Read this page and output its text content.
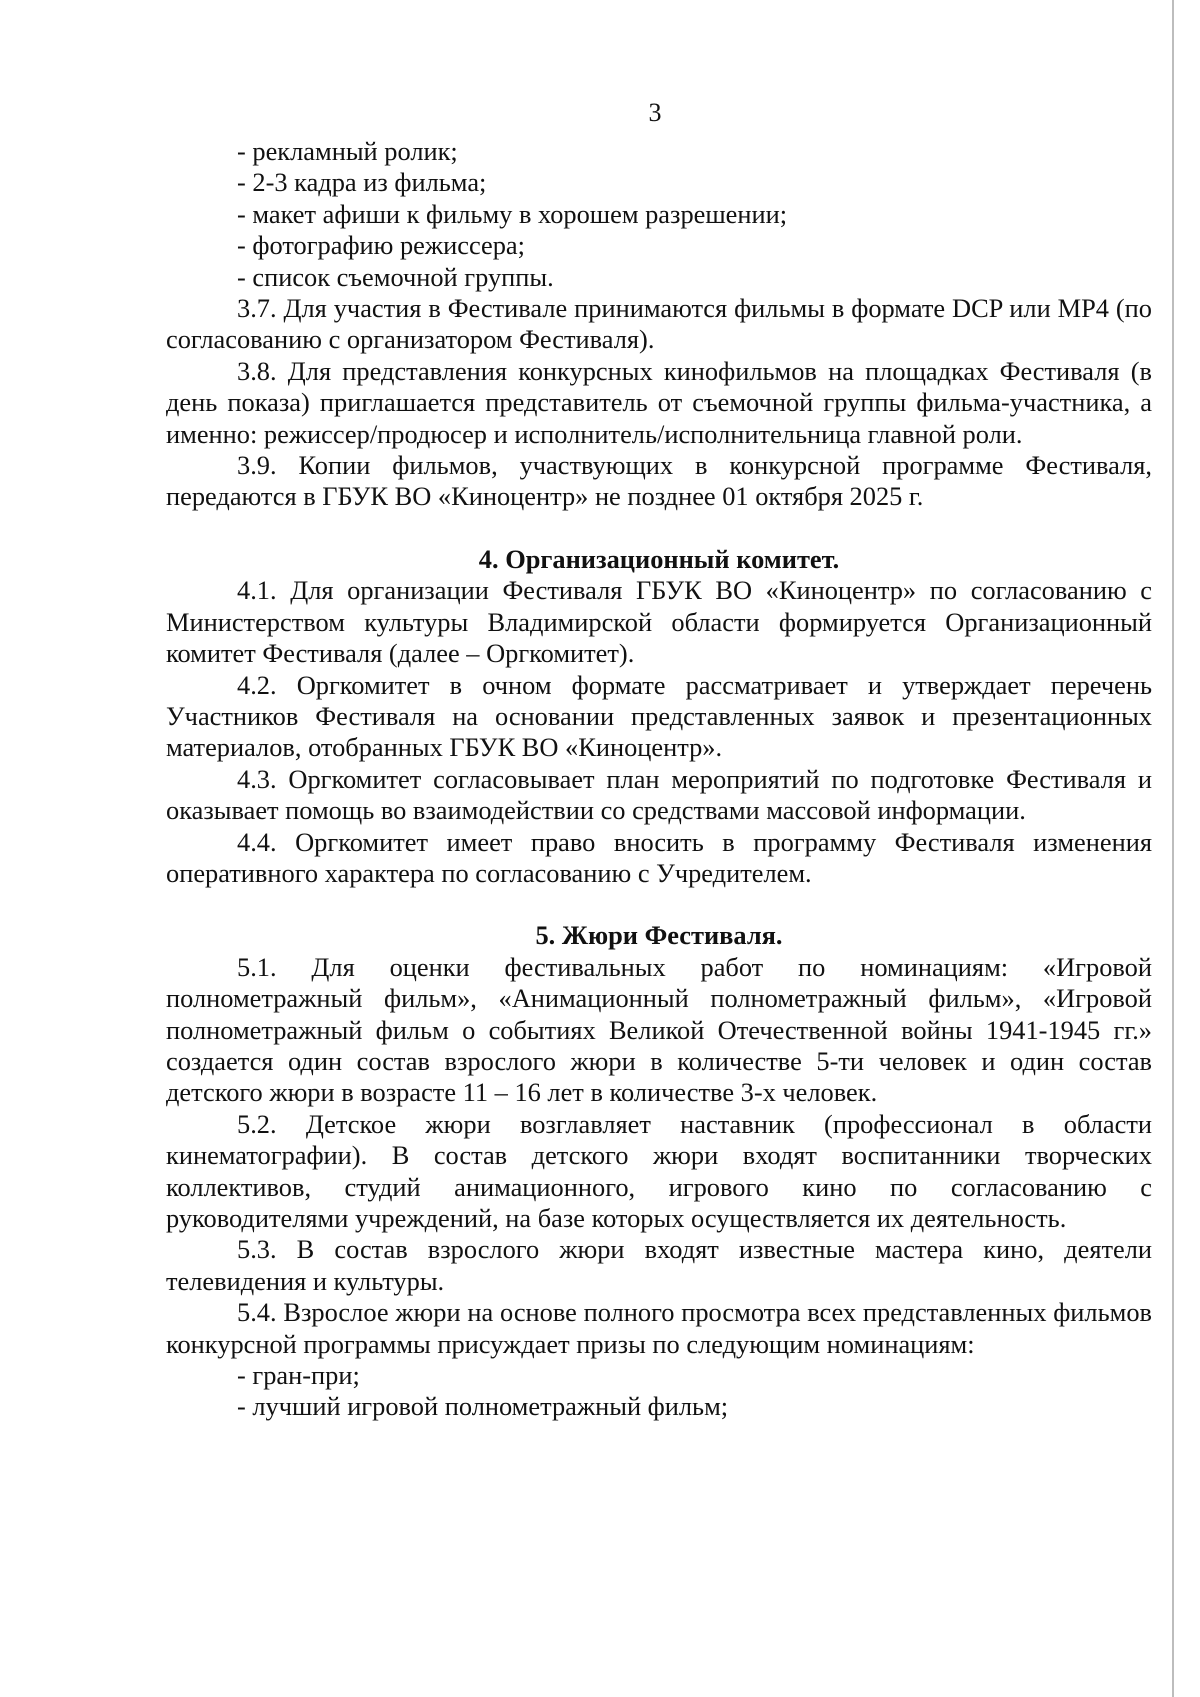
3

- рекламный ролик;

- 2-3 кадра из фильма;

- макет афиши к фильму в хорошем разрешении;

- фотографию режиссера;

- список съемочной группы.

3.7. Для участия в Фестивале принимаются фильмы в формате DCP или MP4 (по согласованию с организатором Фестиваля).

3.8. Для представления конкурсных кинофильмов на площадках Фестиваля (в день показа) приглашается представитель от съемочной группы фильма-участника, а именно: режиссер/продюсер и исполнитель/исполнительница главной роли.

3.9. Копии фильмов, участвующих в конкурсной программе Фестиваля, передаются в ГБУК ВО «Киноцентр» не позднее 01 октября 2025 г.

4. Организационный комитет.

4.1. Для организации Фестиваля ГБУК ВО «Киноцентр» по согласованию с Министерством культуры Владимирской области формируется Организационный комитет Фестиваля (далее – Оргкомитет).

4.2. Оргкомитет в очном формате рассматривает и утверждает перечень Участников Фестиваля на основании представленных заявок и презентационных материалов, отобранных ГБУК ВО «Киноцентр».

4.3. Оргкомитет согласовывает план мероприятий по подготовке Фестиваля и оказывает помощь во взаимодействии со средствами массовой информации.

4.4. Оргкомитет имеет право вносить в программу Фестиваля изменения оперативного характера по согласованию с Учредителем.

5. Жюри Фестиваля.

5.1. Для оценки фестивальных работ по номинациям: «Игровой полнометражный фильм», «Анимационный полнометражный фильм», «Игровой полнометражный фильм о событиях Великой Отечественной войны 1941-1945 гг.» создается один состав взрослого жюри в количестве 5-ти человек и один состав детского жюри в возрасте 11 – 16 лет в количестве 3-х человек.

5.2. Детское жюри возглавляет наставник (профессионал в области кинематографии). В состав детского жюри входят воспитанники творческих коллективов, студий анимационного, игрового кино по согласованию с руководителями учреждений, на базе которых осуществляется их деятельность.

5.3. В состав взрослого жюри входят известные мастера кино, деятели телевидения и культуры.

5.4. Взрослое жюри на основе полного просмотра всех представленных фильмов конкурсной программы присуждает призы по следующим номинациям:

- гран-при;

- лучший игровой полнометражный фильм;
